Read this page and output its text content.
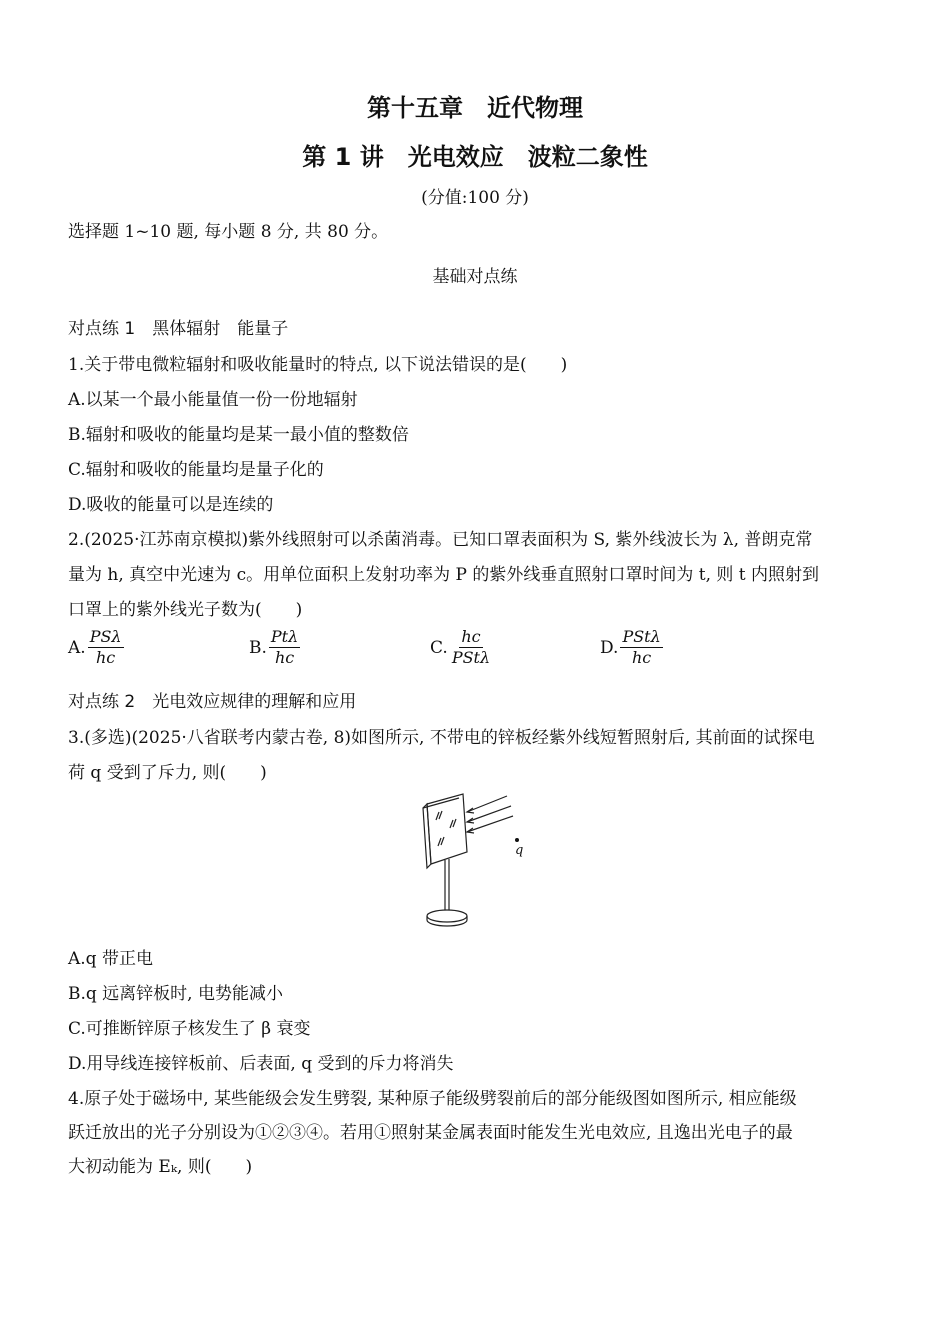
第十五章　近代物理
第 1 讲　光电效应　波粒二象性
(分值:100 分)
选择题 1~10 题, 每小题 8 分, 共 80 分。
基础对点练
对点练 1　黑体辐射　能量子
1.关于带电微粒辐射和吸收能量时的特点, 以下说法错误的是(　　)
A.以某一个最小能量值一份一份地辐射
B.辐射和吸收的能量均是某一最小值的整数倍
C.辐射和吸收的能量均是量子化的
D.吸收的能量可以是连续的
2.(2025·江苏南京模拟)紫外线照射可以杀菌消毒。已知口罩表面积为 S, 紫外线波长为 λ, 普朗克常
量为 h, 真空中光速为 c。用单位面积上发射功率为 P 的紫外线垂直照射口罩时间为 t, 则 t 内照射到
口罩上的紫外线光子数为(　　)
A. $\frac{\text{PSλ}}{hc}$	B. $\frac{\text{Ptλ}}{hc}$	C. $\frac{hc}{\text{PStλ}}$	D. $\frac{\text{PStλ}}{hc}$
对点练 2　光电效应规律的理解和应用
3.(多选)(2025·八省联考内蒙古卷, 8)如图所示, 不带电的锌板经紫外线短暂照射后, 其前面的试探电
荷 q 受到了斥力, 则(　　)
q
A.q 带正电
B.q 远离锌板时, 电势能减小
C.可推断锌原子核发生了 β 衰变
D.用导线连接锌板前、后表面, q 受到的斥力将消失
4.原子处于磁场中, 某些能级会发生劈裂, 某种原子能级劈裂前后的部分能级图如图所示, 相应能级
跃迁放出的光子分别设为①②③④。若用①照射某金属表面时能发生光电效应, 且逸出光电子的最
大初动能为 Eₖ, 则(　　)
